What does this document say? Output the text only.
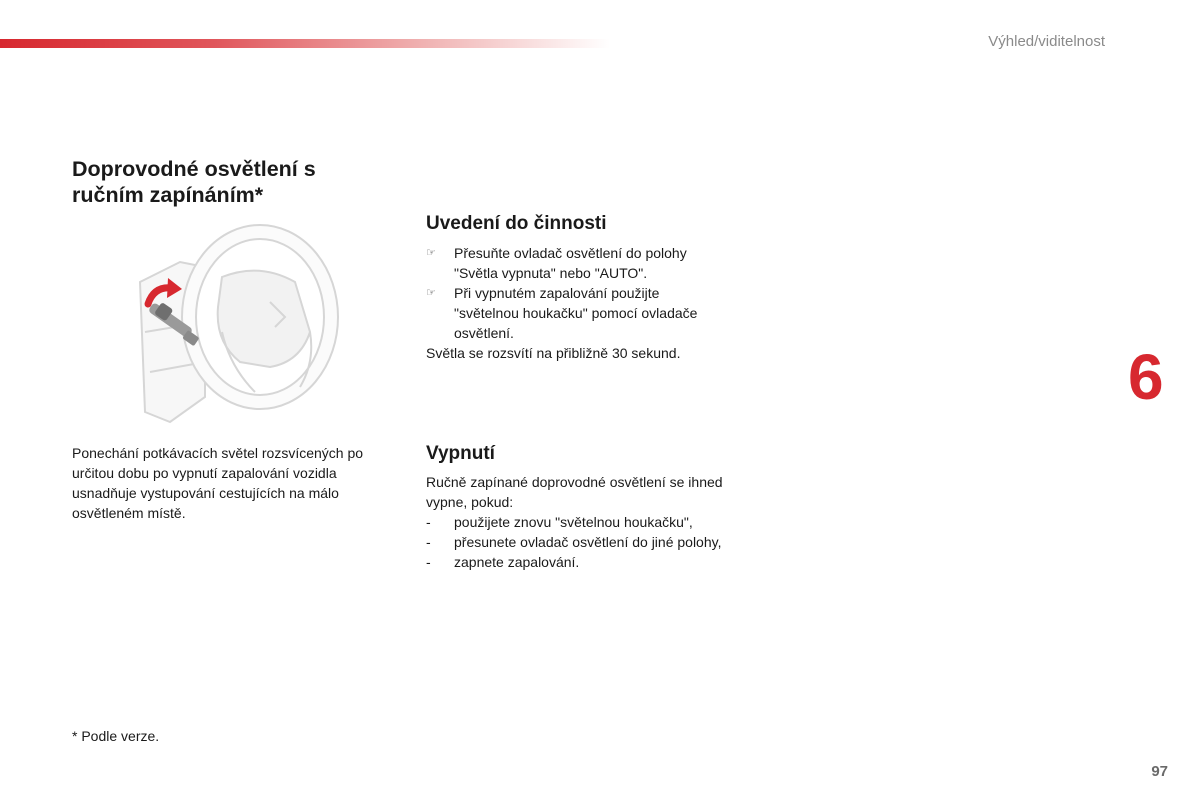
Výhled/viditelnost
Doprovodné osvětlení s
ručním zapínáním*

Ponechání potkávacích světel rozsvícených po určitou dobu po vypnutí zapalování vozidla usnadňuje vystupování cestujících na málo osvětleném místě.

* Podle verze.

Uvedení do činnosti
☞	Přesuňte ovladač osvětlení do polohy
"Světla vypnuta" nebo "AUTO".
☞	Při vypnutém zapalování použijte
"světelnou houkačku" pomocí ovladače
osvětlení.

Světla se rozsvítí na přibližně 30 sekund.

Vypnutí

Ručně zapínané doprovodné osvětlení se ihned vypne, pokud:

-	použijete znovu "světelnou houkačku",
-	přesunete ovladač osvětlení do jiné polohy,
-	zapnete zapalování.
6
97
